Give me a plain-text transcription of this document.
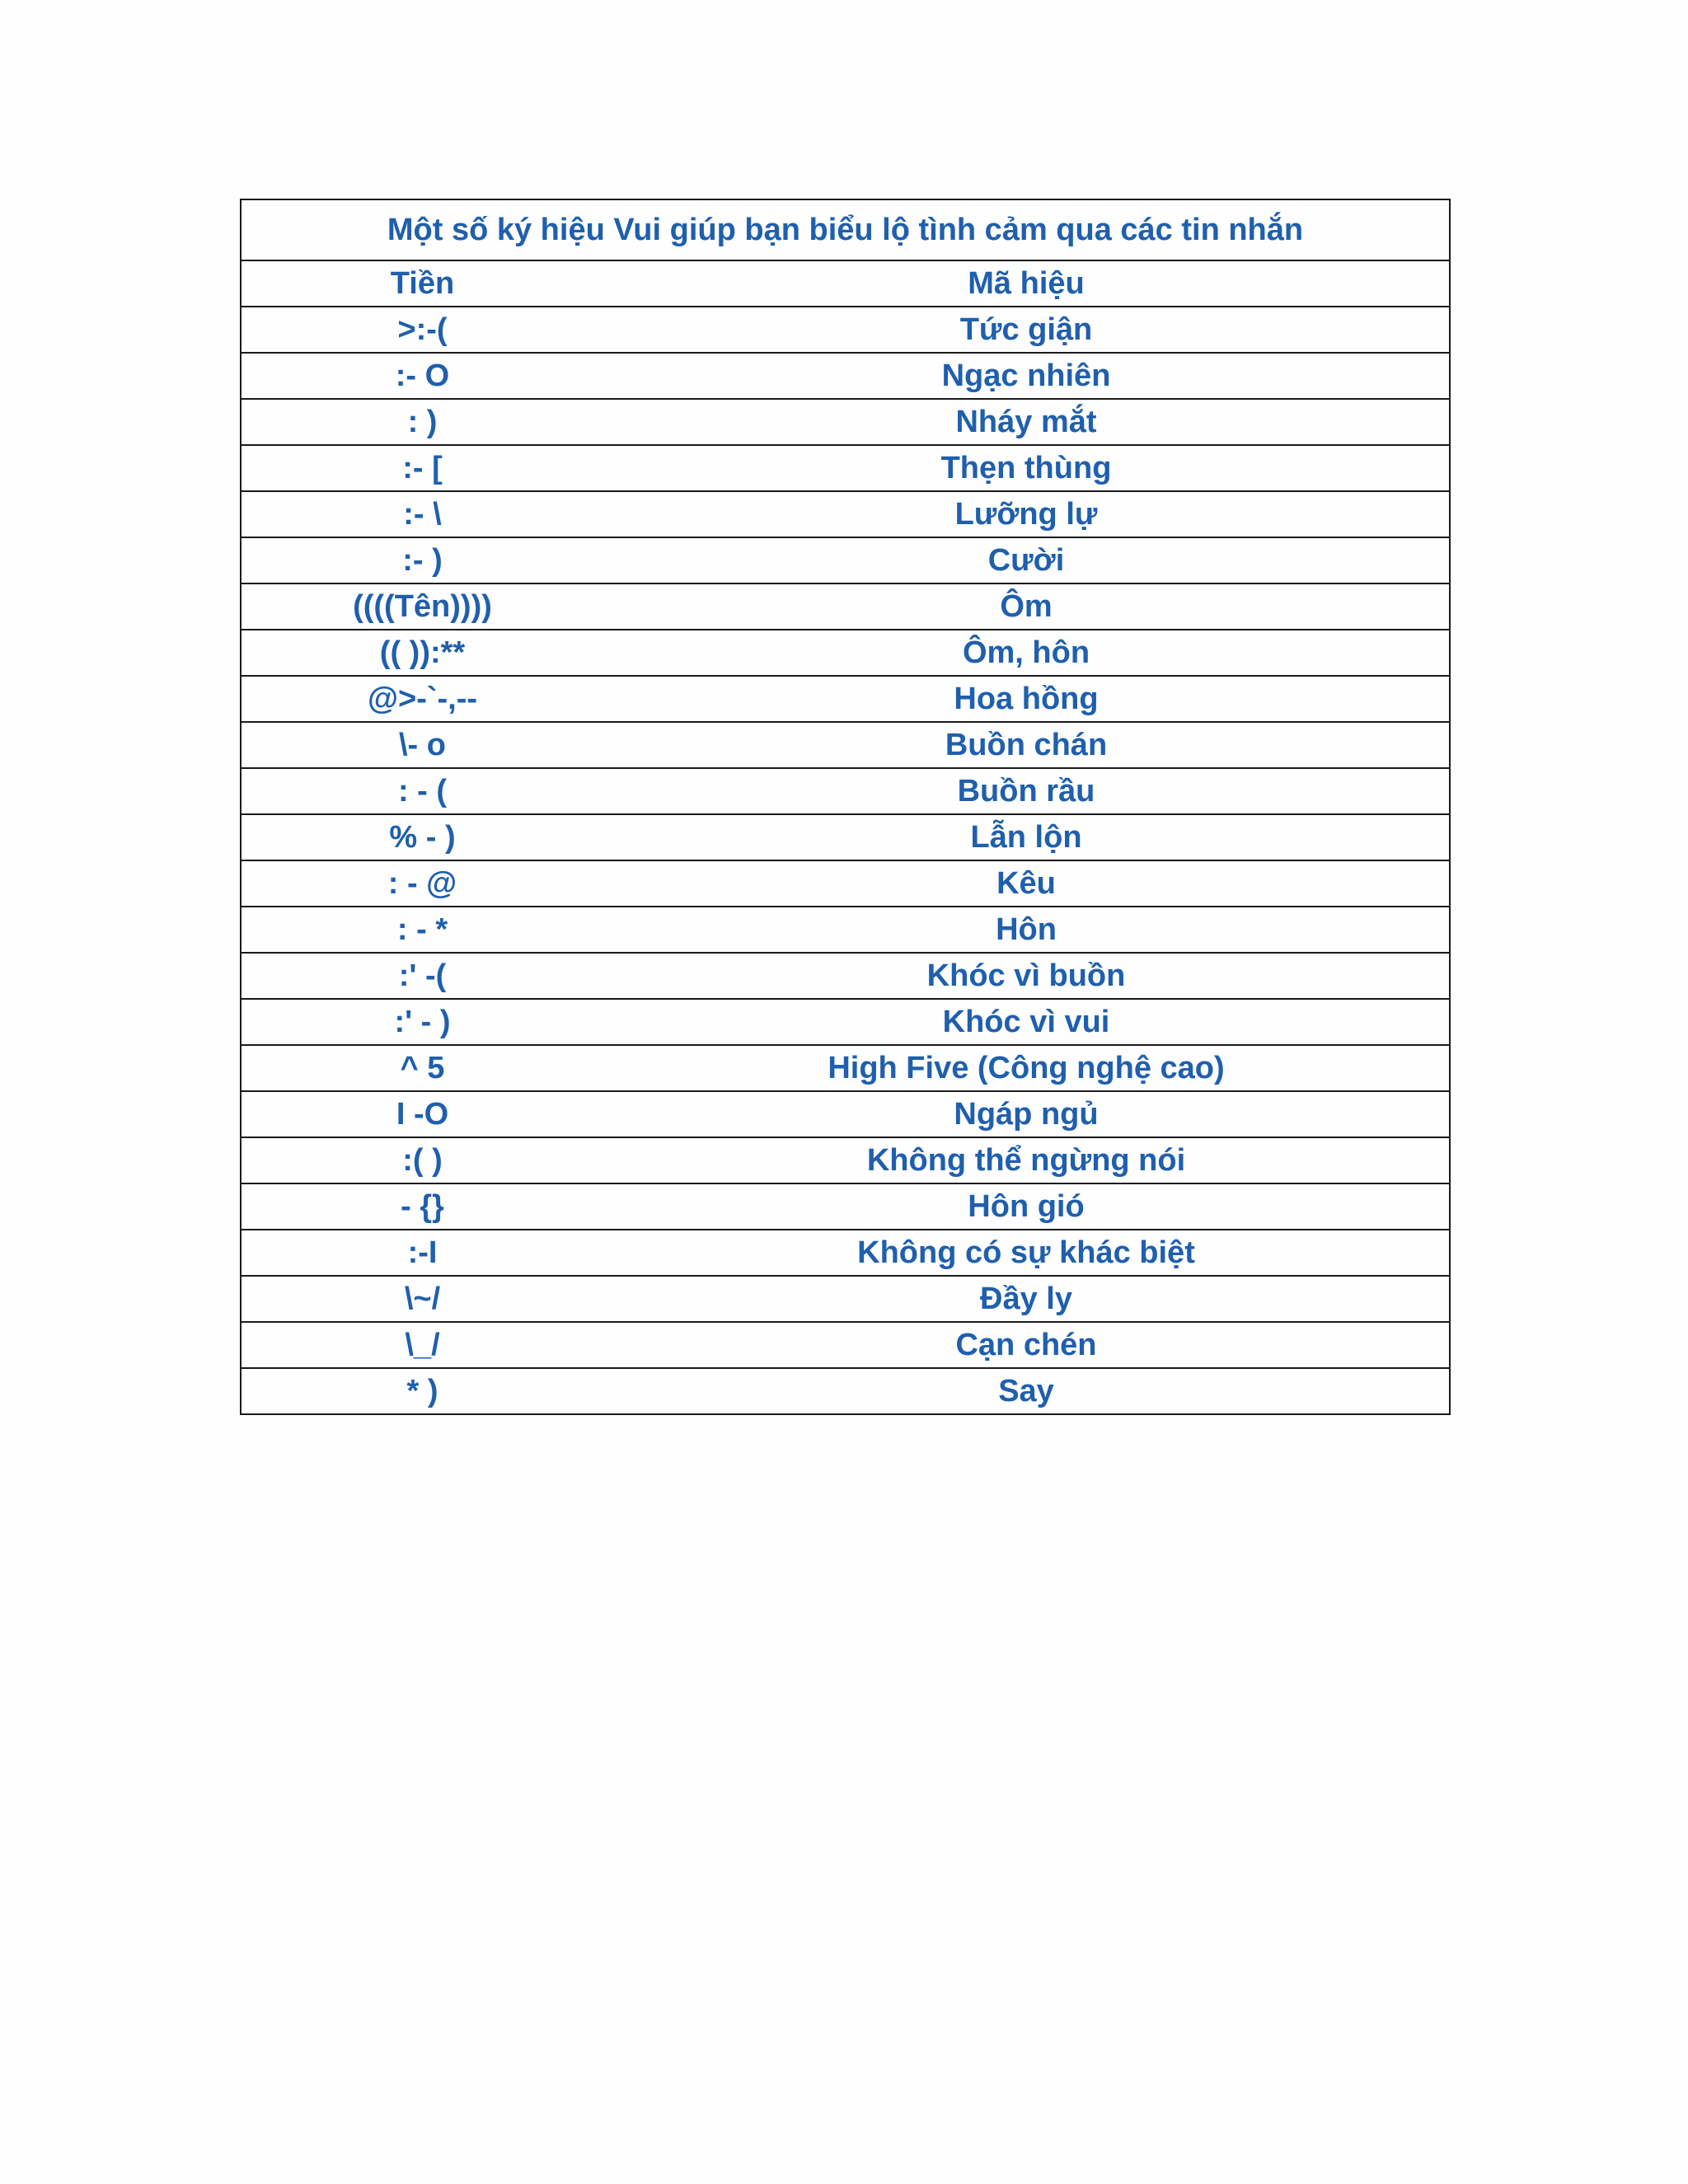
Một số ký hiệu Vui giúp bạn biểu lộ tình cảm qua các tin nhắn	
Tiền	Mã hiệu
>:-(	Tức giận
:- O	Ngạc nhiên
: )	Nháy mắt
:- [	Thẹn thùng
:- \	Lưỡng lự
:- )	Cười
((((Tên))))	Ôm
(( )):**	Ôm, hôn
@>-`-,--	Hoa hồng
\- o	Buồn chán
: - (	Buồn rầu
% - )	Lẫn lộn
: - @	Kêu
: - *	Hôn
:' -(	Khóc vì buồn
:' - )	Khóc vì vui
^ 5	High Five (Công nghệ cao)
I -O	Ngáp ngủ
:( )	Không thể ngừng nói
- {}	Hôn gió
:-I	Không có sự khác biệt
\~/	Đầy ly
\_/	Cạn chén
* )	Say
